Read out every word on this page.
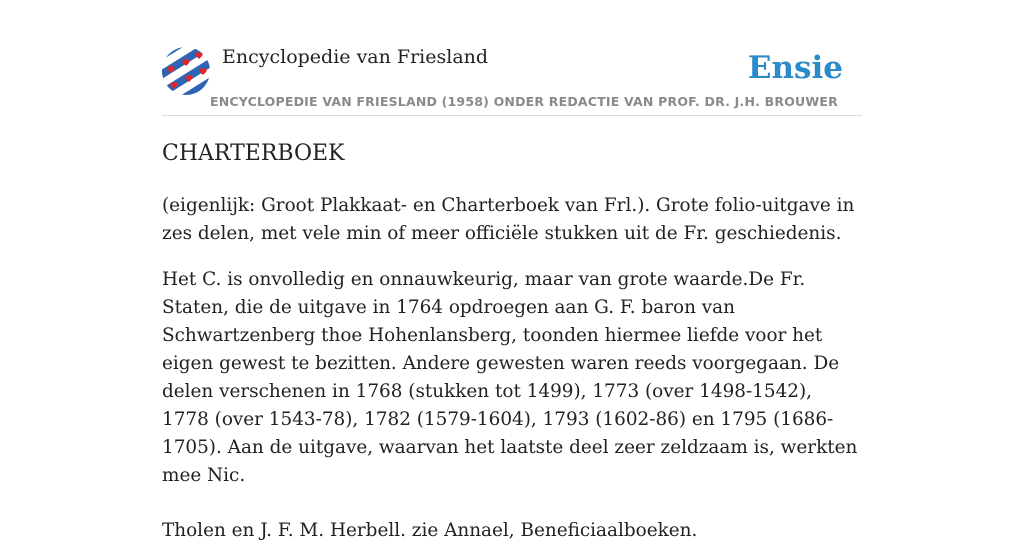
Encyclopedie van Friesland
ENCYCLOPEDIE VAN FRIESLAND (1958) ONDER REDACTIE VAN PROF. DR. J.H. BROUWER
Ensie
CHARTERBOEK

(eigenlijk: Groot Plakkaat- en Charterboek van Frl.). Grote folio-uitgave in zes delen, met vele min of meer officiële stukken uit de Fr. geschiedenis.

Het C. is onvolledig en onnauwkeurig, maar van grote waarde.De Fr. Staten, die de uitgave in 1764 opdroegen aan G. F. baron van Schwartzenberg thoe Hohenlansberg, toonden hiermee liefde voor het eigen gewest te bezitten. Andere gewesten waren reeds voorgegaan. De delen verschenen in 1768 (stukken tot 1499), 1773 (over 1498-1542), 1778 (over 1543-78), 1782 (1579-1604), 1793 (1602-86) en 1795 (1686-1705). Aan de uitgave, waarvan het laatste deel zeer zeldzaam is, werkten mee Nic.

Tholen en J. F. M. Herbell. zie Annael, Beneficiaalboeken.
